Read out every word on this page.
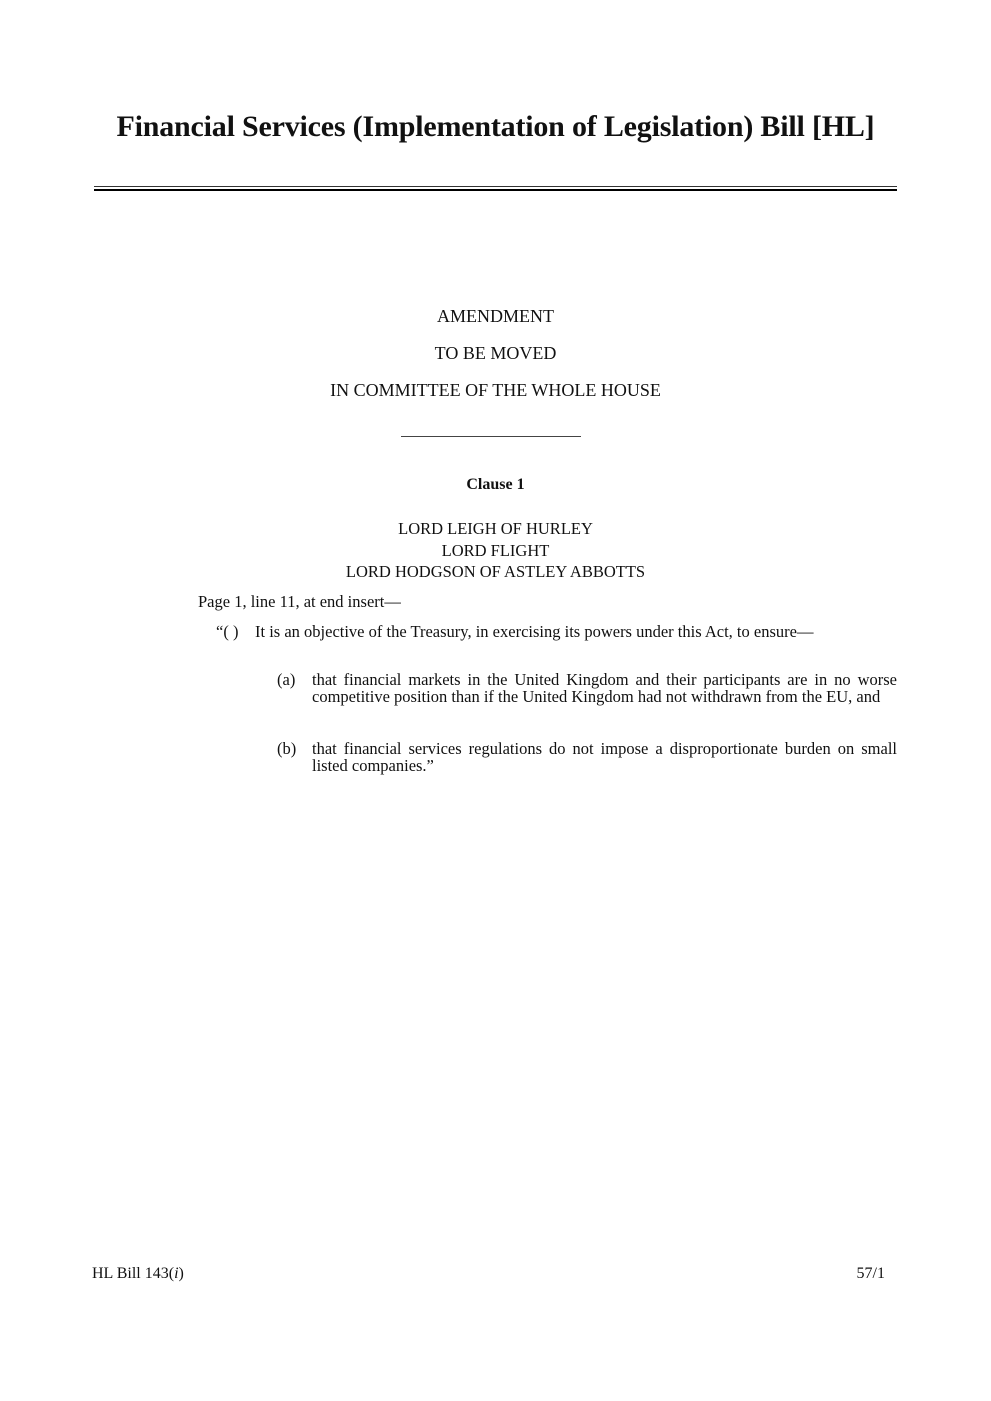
Financial Services (Implementation of Legislation) Bill [HL]
AMENDMENT
TO BE MOVED
IN COMMITTEE OF THE WHOLE HOUSE
Clause 1
LORD LEIGH OF HURLEY
LORD FLIGHT
LORD HODGSON OF ASTLEY ABBOTTS
Page 1, line 11, at end insert—
“( ) It is an objective of the Treasury, in exercising its powers under this Act, to ensure—
(a) that financial markets in the United Kingdom and their participants are in no worse competitive position than if the United Kingdom had not withdrawn from the EU, and
(b) that financial services regulations do not impose a disproportionate burden on small listed companies.”
HL Bill 143(i)	57/1
